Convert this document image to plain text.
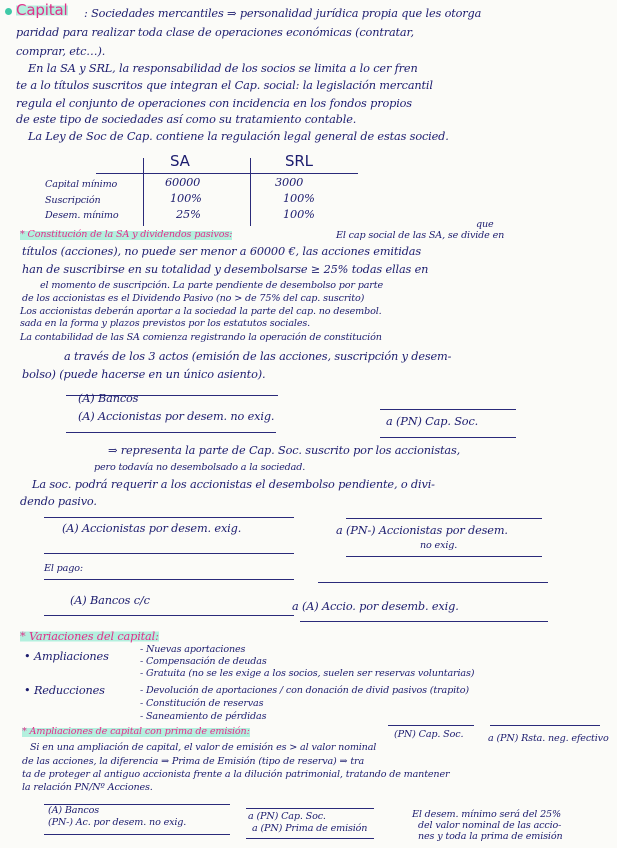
Capital : Sociedades mercantiles ⇒ personalidad jurídica propia que les otorga
paridad para realizar toda clase de operaciones económicas (contratar,
comprar, etc…).
En la SA y SRL, la responsabilidad de los socios se limita a lo cer fren
te a lo títulos suscritos que integran el Cap. social: la legislación mercantil
regula el conjunto de operaciones con incidencia en los fondos propios
de este tipo de sociedades así como su tratamiento contable.
La Ley de Soc de Cap. contiene la regulación legal general de estas socied.
SA	SRL
Capital mínimo	60000	3000
Suscripción	100%	100%
Desem. mínimo	25%	100%
* Constitución de la SA y dividendos pasivos:
que
El cap social de las SA, se divide en
títulos (acciones), no puede ser menor a 60000 €, las acciones emitidas
han de suscribirse en su totalidad y desembolsarse ≥ 25% todas ellas en
el momento de suscripción. La parte pendiente de desembolso por parte
de los accionistas es el Dividendo Pasivo (no > de 75% del cap. suscrito)
Los accionistas deberán aportar a la sociedad la parte del cap. no desembol.
sada en la forma y plazos previstos por los estatutos sociales.
La contabilidad de las SA comienza registrando la operación de constitución
a través de los 3 actos (emisión de las acciones, suscripción y desem-
bolso) (puede hacerse en un único asiento).
(A) Bancos
(A) Accionistas por desem. no exig.	a (PN) Cap. Soc.
⇒ representa la parte de Cap. Soc. suscrito por los accionistas,
pero todavía no desembolsado a la sociedad.
La soc. podrá requerir a los accionistas el desembolso pendiente, o divi-
dendo pasivo.
(A) Accionistas por desem. exig.	a (PN-) Accionistas por desem.
no exig.
El pago:
(A) Bancos c/c	a (A) Accio. por desemb. exig.
* Variaciones del capital:
• Ampliaciones
- Nuevas aportaciones
- Compensación de deudas
- Gratuita (no se les exige a los socios, suelen ser reservas voluntarias)
• Reducciones	- Devolución de aportaciones / con donación de divid pasivos (trapito)
- Constitución de reservas
- Saneamiento de pérdidas
* Ampliaciones de capital con prima de emisión:	(PN) Cap. Soc.	a (PN) Rsta. neg. efectivo
Si en una ampliación de capital, el valor de emisión es > al valor nominal
de las acciones, la diferencia ⇒ Prima de Emisión (tipo de reserva) ⇒ tra
ta de proteger al antiguo accionista frente a la dilución patrimonial, tratando de mantener
la relación PN/Nº Acciones.
(A) Bancos
(PN-) Ac. por desem. no exig.
a (PN) Cap. Soc.
a (PN) Prima de emisión
El desem. mínimo será del 25%
del valor nominal de las accio-
nes y toda la prima de emisión
